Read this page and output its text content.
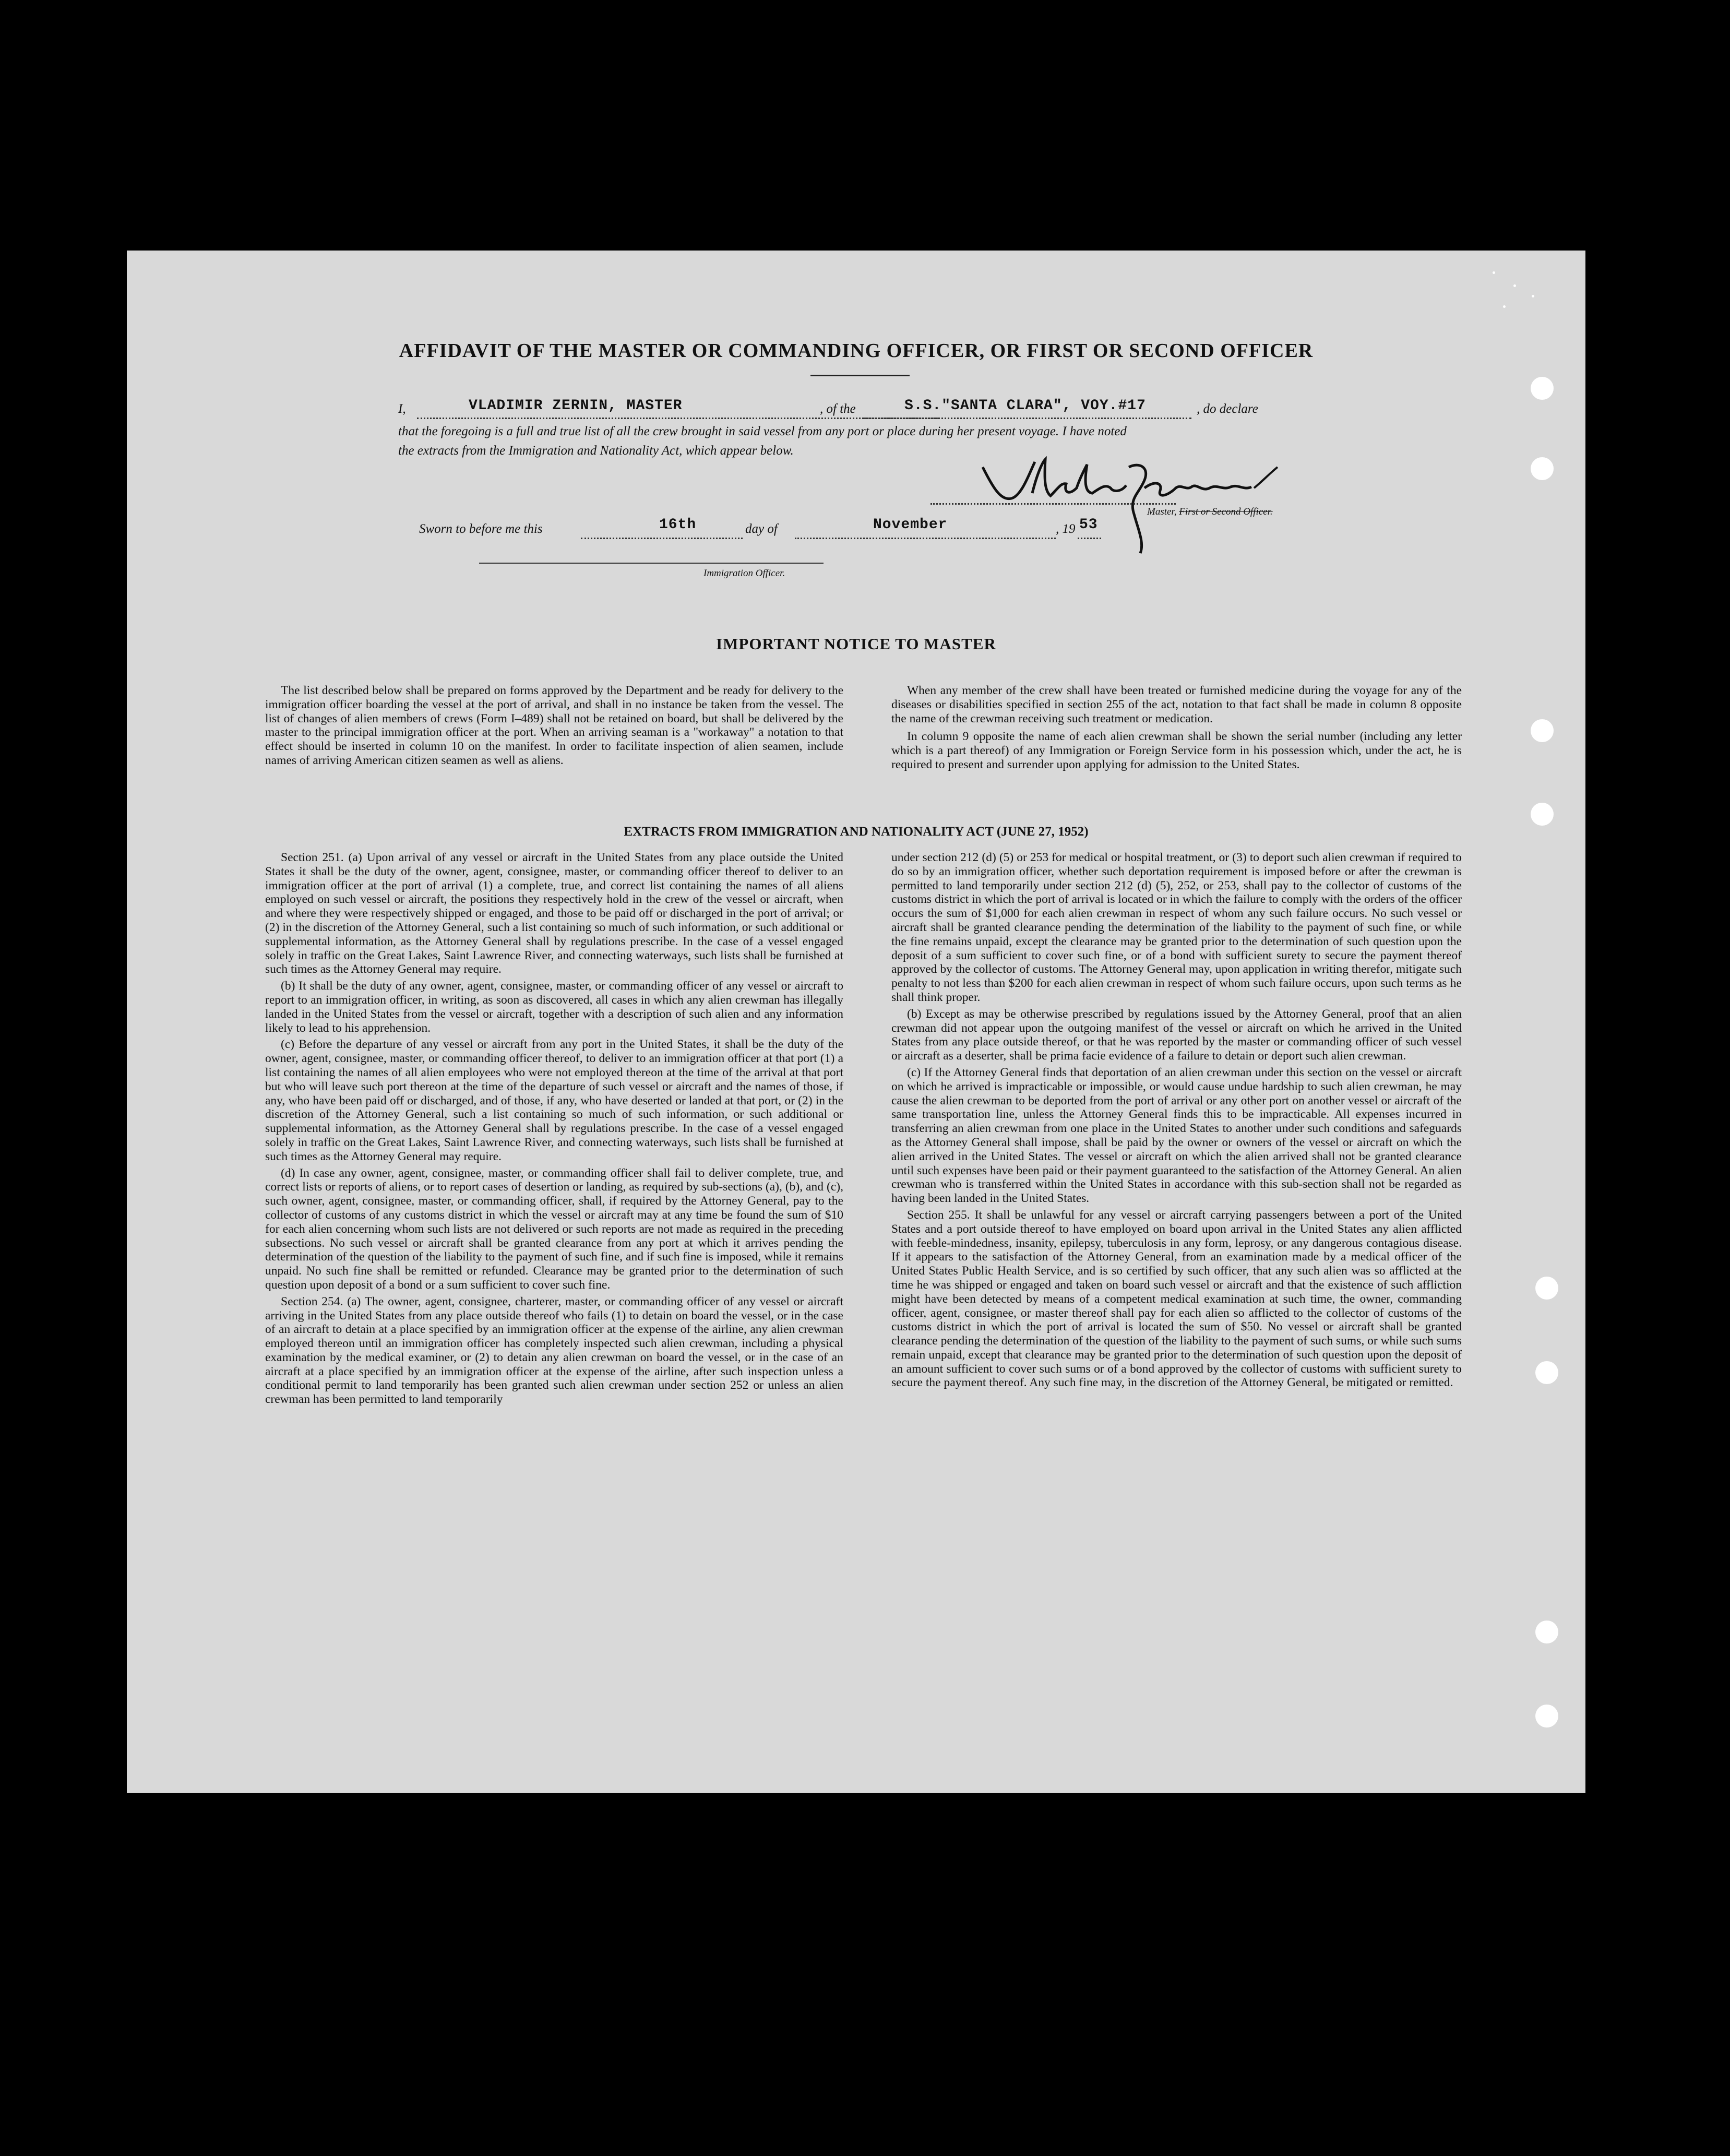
AFFIDAVIT OF THE MASTER OR COMMANDING OFFICER, OR FIRST OR SECOND OFFICER
I,	VLADIMIR ZERNIN, MASTER	, of the	S.S."SANTA CLARA", VOY.#17	, do declare
that the foregoing is a full and true list of all the crew brought in said vessel from any port or place during her present voyage. I have noted
the extracts from the Immigration and Nationality Act, which appear below.
Master, First or Second Officer.
Sworn to before me this	16th	day of	November	, 19 53
Immigration Officer.
IMPORTANT NOTICE TO MASTER

The list described below shall be prepared on forms approved by the Department and be ready for delivery to the immigration officer boarding the vessel at the port of arrival, and shall in no instance be taken from the vessel. The list of changes of alien members of crews (Form I–489) shall not be retained on board, but shall be delivered by the master to the principal immigration officer at the port. When an arriving seaman is a "workaway" a notation to that effect should be inserted in column 10 on the manifest. In order to facilitate inspection of alien seamen, include names of arriving American citizen seamen as well as aliens.

When any member of the crew shall have been treated or furnished medicine during the voyage for any of the diseases or disabilities specified in section 255 of the act, notation to that fact shall be made in column 8 opposite the name of the crewman receiving such treatment or medication.

In column 9 opposite the name of each alien crewman shall be shown the serial number (including any letter which is a part thereof) of any Immigration or Foreign Service form in his possession which, under the act, he is required to present and surrender upon applying for admission to the United States.

EXTRACTS FROM IMMIGRATION AND NATIONALITY ACT (JUNE 27, 1952)

Section 251. (a) Upon arrival of any vessel or aircraft in the United States from any place outside the United States it shall be the duty of the owner, agent, consignee, master, or commanding officer thereof to deliver to an immigration officer at the port of arrival (1) a complete, true, and correct list containing the names of all aliens employed on such vessel or aircraft, the positions they respectively hold in the crew of the vessel or aircraft, when and where they were respectively shipped or engaged, and those to be paid off or discharged in the port of arrival; or (2) in the discretion of the Attorney General, such a list containing so much of such information, or such additional or supplemental information, as the Attorney General shall by regulations prescribe. In the case of a vessel engaged solely in traffic on the Great Lakes, Saint Lawrence River, and connecting waterways, such lists shall be furnished at such times as the Attorney General may require.

(b) It shall be the duty of any owner, agent, consignee, master, or commanding officer of any vessel or aircraft to report to an immigration officer, in writing, as soon as discovered, all cases in which any alien crewman has illegally landed in the United States from the vessel or aircraft, together with a description of such alien and any information likely to lead to his apprehension.

(c) Before the departure of any vessel or aircraft from any port in the United States, it shall be the duty of the owner, agent, consignee, master, or commanding officer thereof, to deliver to an immigration officer at that port (1) a list containing the names of all alien employees who were not employed thereon at the time of the arrival at that port but who will leave such port thereon at the time of the departure of such vessel or aircraft and the names of those, if any, who have been paid off or discharged, and of those, if any, who have deserted or landed at that port, or (2) in the discretion of the Attorney General, such a list containing so much of such information, or such additional or supplemental information, as the Attorney General shall by regulations prescribe. In the case of a vessel engaged solely in traffic on the Great Lakes, Saint Lawrence River, and connecting waterways, such lists shall be furnished at such times as the Attorney General may require.

(d) In case any owner, agent, consignee, master, or commanding officer shall fail to deliver complete, true, and correct lists or reports of aliens, or to report cases of desertion or landing, as required by sub-sections (a), (b), and (c), such owner, agent, consignee, master, or commanding officer, shall, if required by the Attorney General, pay to the collector of customs of any customs district in which the vessel or aircraft may at any time be found the sum of $10 for each alien concerning whom such lists are not delivered or such reports are not made as required in the preceding subsections. No such vessel or aircraft shall be granted clearance from any port at which it arrives pending the determination of the question of the liability to the payment of such fine, and if such fine is imposed, while it remains unpaid. No such fine shall be remitted or refunded. Clearance may be granted prior to the determination of such question upon deposit of a bond or a sum sufficient to cover such fine.

Section 254. (a) The owner, agent, consignee, charterer, master, or commanding officer of any vessel or aircraft arriving in the United States from any place outside thereof who fails (1) to detain on board the vessel, or in the case of an aircraft to detain at a place specified by an immigration officer at the expense of the airline, any alien crewman employed thereon until an immigration officer has completely inspected such alien crewman, including a physical examination by the medical examiner, or (2) to detain any alien crewman on board the vessel, or in the case of an aircraft at a place specified by an immigration officer at the expense of the airline, after such inspection unless a conditional permit to land temporarily has been granted such alien crewman under section 252 or unless an alien crewman has been permitted to land temporarily

under section 212 (d) (5) or 253 for medical or hospital treatment, or (3) to deport such alien crewman if required to do so by an immigration officer, whether such deportation requirement is imposed before or after the crewman is permitted to land temporarily under section 212 (d) (5), 252, or 253, shall pay to the collector of customs of the customs district in which the port of arrival is located or in which the failure to comply with the orders of the officer occurs the sum of $1,000 for each alien crewman in respect of whom any such failure occurs. No such vessel or aircraft shall be granted clearance pending the determination of the liability to the payment of such fine, or while the fine remains unpaid, except the clearance may be granted prior to the determination of such question upon the deposit of a sum sufficient to cover such fine, or of a bond with sufficient surety to secure the payment thereof approved by the collector of customs. The Attorney General may, upon application in writing therefor, mitigate such penalty to not less than $200 for each alien crewman in respect of whom such failure occurs, upon such terms as he shall think proper.

(b) Except as may be otherwise prescribed by regulations issued by the Attorney General, proof that an alien crewman did not appear upon the outgoing manifest of the vessel or aircraft on which he arrived in the United States from any place outside thereof, or that he was reported by the master or commanding officer of such vessel or aircraft as a deserter, shall be prima facie evidence of a failure to detain or deport such alien crewman.

(c) If the Attorney General finds that deportation of an alien crewman under this section on the vessel or aircraft on which he arrived is impracticable or impossible, or would cause undue hardship to such alien crewman, he may cause the alien crewman to be deported from the port of arrival or any other port on another vessel or aircraft of the same transportation line, unless the Attorney General finds this to be impracticable. All expenses incurred in transferring an alien crewman from one place in the United States to another under such conditions and safeguards as the Attorney General shall impose, shall be paid by the owner or owners of the vessel or aircraft on which the alien arrived in the United States. The vessel or aircraft on which the alien arrived shall not be granted clearance until such expenses have been paid or their payment guaranteed to the satisfaction of the Attorney General. An alien crewman who is transferred within the United States in accordance with this sub-section shall not be regarded as having been landed in the United States.

Section 255. It shall be unlawful for any vessel or aircraft carrying passengers between a port of the United States and a port outside thereof to have employed on board upon arrival in the United States any alien afflicted with feeble-mindedness, insanity, epilepsy, tuberculosis in any form, leprosy, or any dangerous contagious disease. If it appears to the satisfaction of the Attorney General, from an examination made by a medical officer of the United States Public Health Service, and is so certified by such officer, that any such alien was so afflicted at the time he was shipped or engaged and taken on board such vessel or aircraft and that the existence of such affliction might have been detected by means of a competent medical examination at such time, the owner, commanding officer, agent, consignee, or master thereof shall pay for each alien so afflicted to the collector of customs of the customs district in which the port of arrival is located the sum of $50. No vessel or aircraft shall be granted clearance pending the determination of the question of the liability to the payment of such sums, or while such sums remain unpaid, except that clearance may be granted prior to the determination of such question upon the deposit of an amount sufficient to cover such sums or of a bond approved by the collector of customs with sufficient surety to secure the payment thereof. Any such fine may, in the discretion of the Attorney General, be mitigated or remitted.
